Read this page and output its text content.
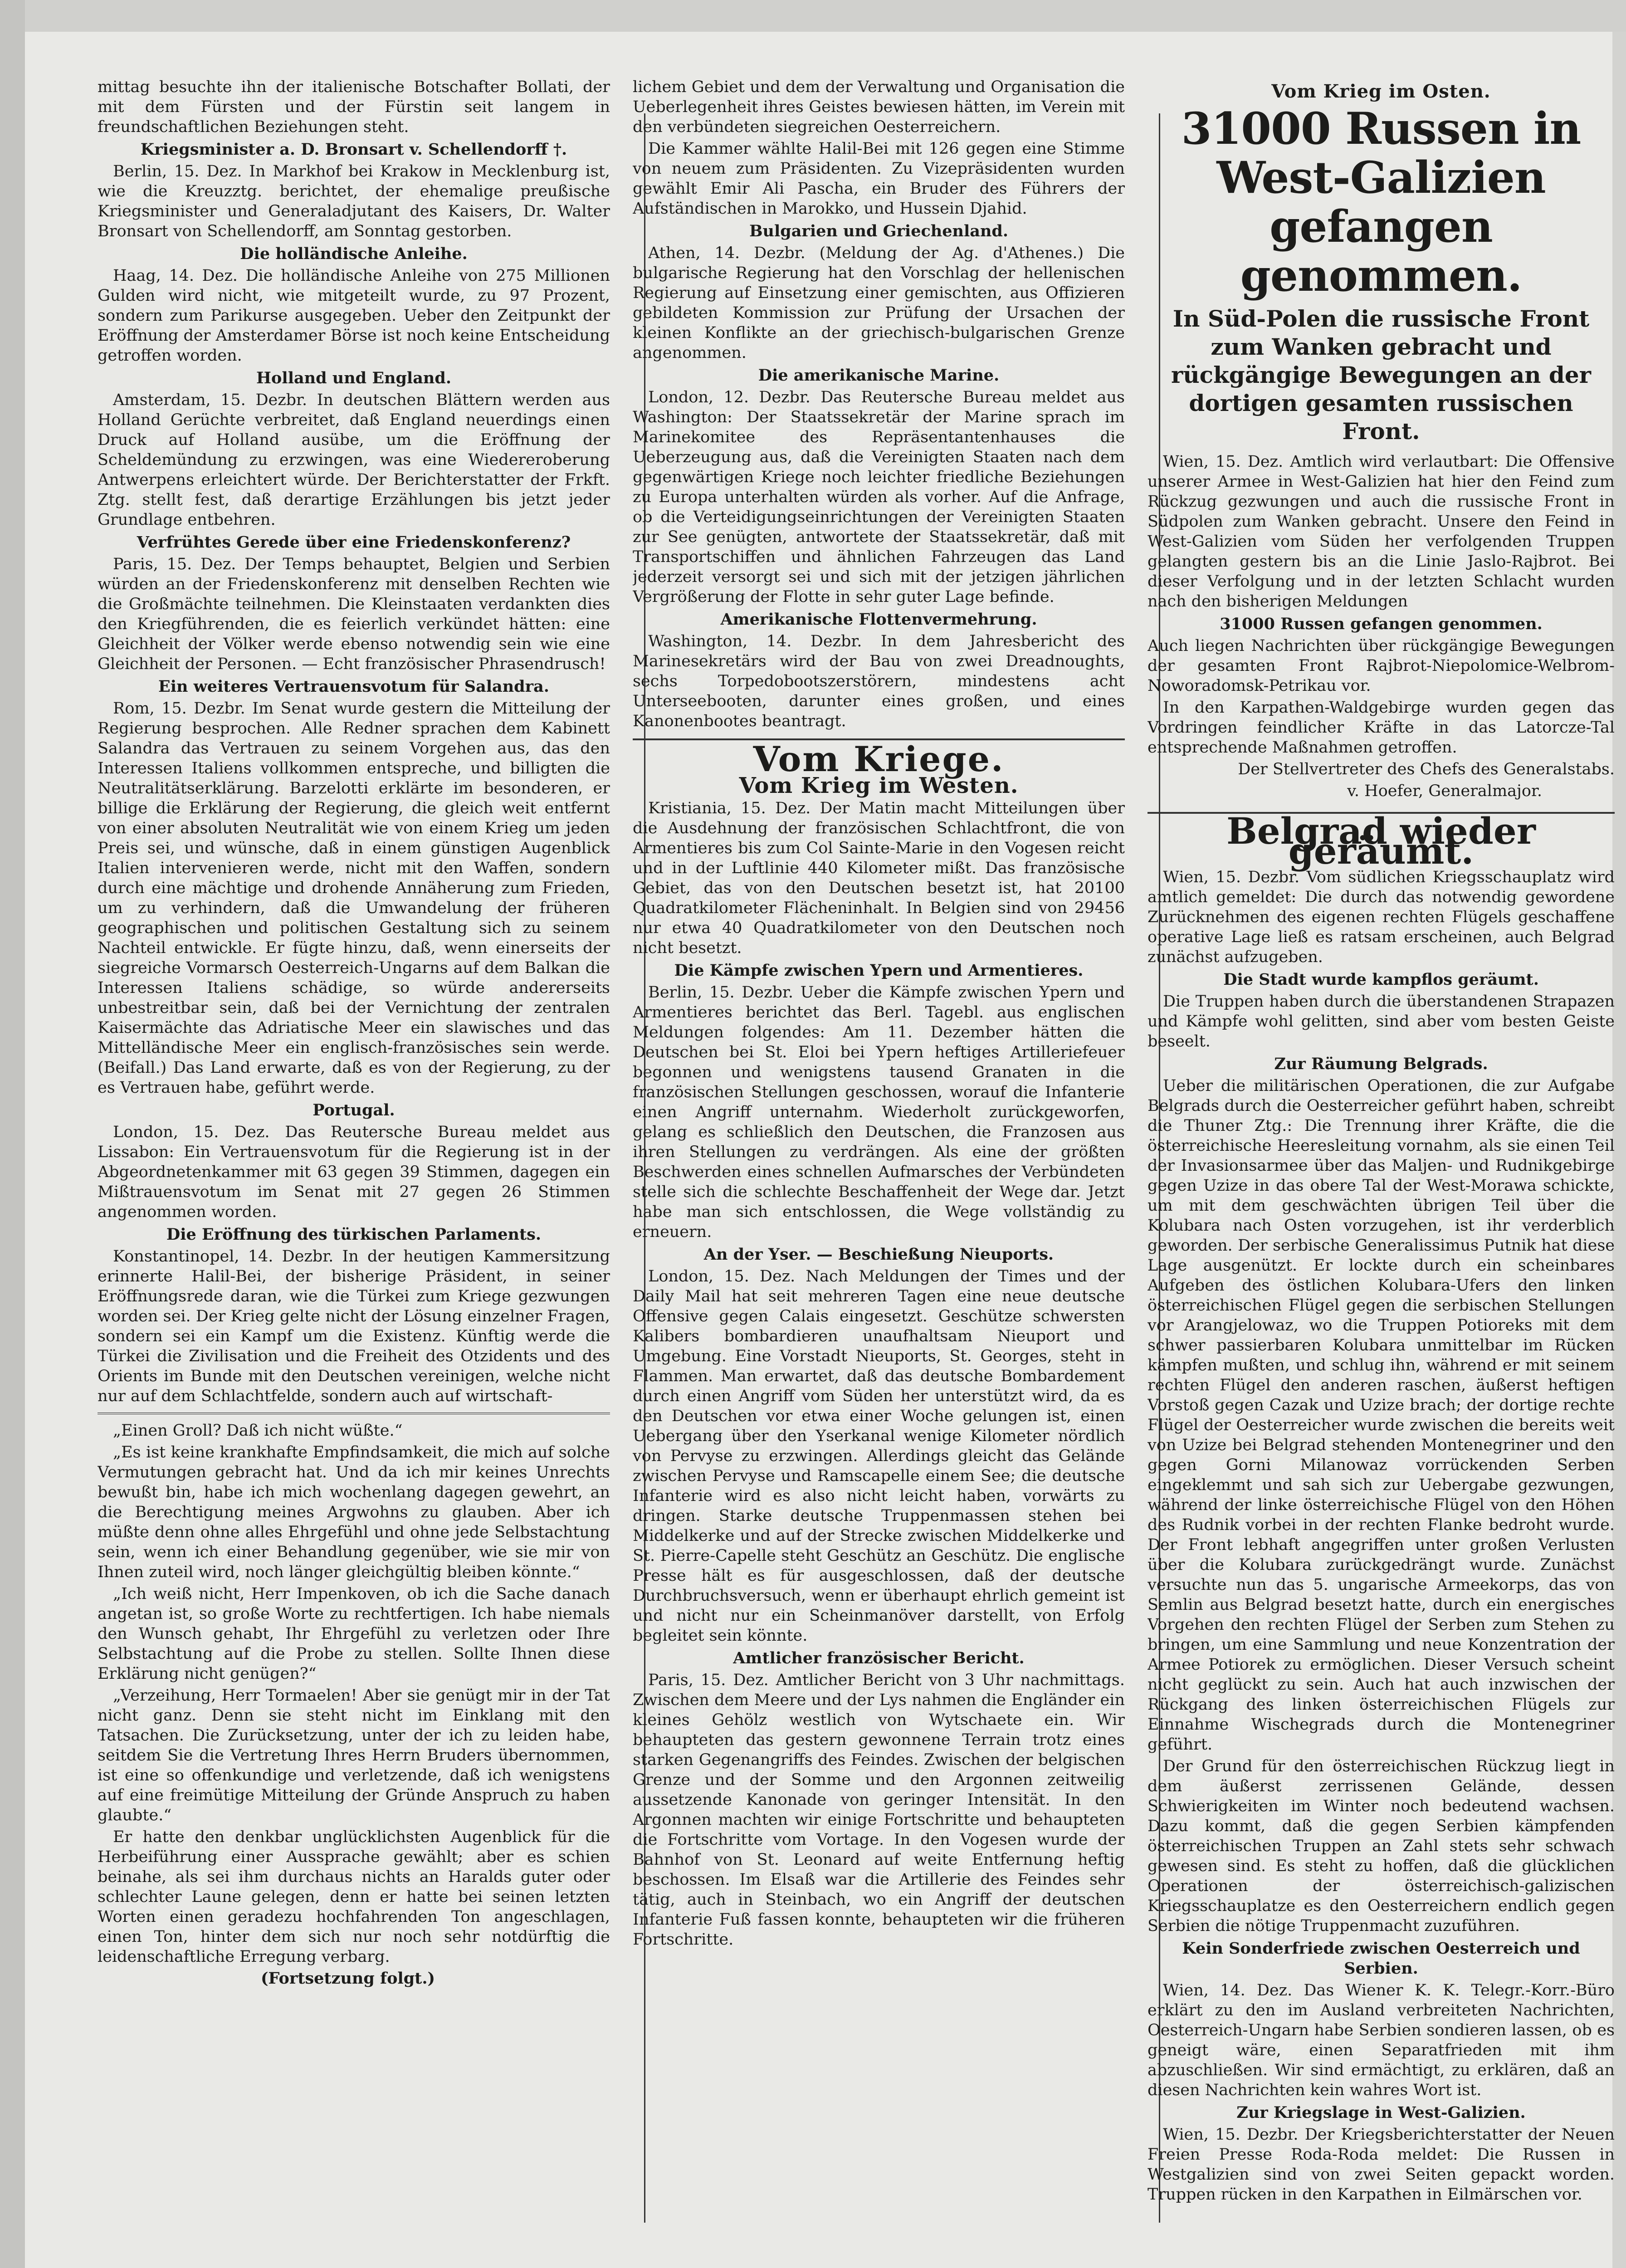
mittag besuchte ihn der italienische Botschafter Bollati, der mit dem Fürsten und der Fürstin seit langem in freundschaftlichen Beziehungen steht.

Kriegsminister a. D. Bronsart v. Schellendorff †.

Berlin, 15. Dez. In Markhof bei Krakow in Mecklenburg ist, wie die Kreuzztg. berichtet, der ehemalige preußische Kriegsminister und Generaladjutant des Kaisers, Dr. Walter Bronsart von Schellendorff, am Sonntag gestorben.

Die holländische Anleihe.

Haag, 14. Dez. Die holländische Anleihe von 275 Millionen Gulden wird nicht, wie mitgeteilt wurde, zu 97 Prozent, sondern zum Parikurse ausgegeben. Ueber den Zeitpunkt der Eröffnung der Amsterdamer Börse ist noch keine Entscheidung getroffen worden.

Holland und England.

Amsterdam, 15. Dezbr. In deutschen Blättern werden aus Holland Gerüchte verbreitet, daß England neuerdings einen Druck auf Holland ausübe, um die Eröffnung der Scheldemündung zu erzwingen, was eine Wiedereroberung Antwerpens erleichtert würde. Der Berichterstatter der Frkft. Ztg. stellt fest, daß derartige Erzählungen bis jetzt jeder Grundlage entbehren.

Verfrühtes Gerede über eine Friedenskonferenz?

Paris, 15. Dez. Der Temps behauptet, Belgien und Serbien würden an der Friedenskonferenz mit denselben Rechten wie die Großmächte teilnehmen. Die Kleinstaaten verdankten dies den Kriegführenden, die es feierlich verkündet hätten: eine Gleichheit der Völker werde ebenso notwendig sein wie eine Gleichheit der Personen. — Echt französischer Phrasendrusch!

Ein weiteres Vertrauensvotum für Salandra.

Rom, 15. Dezbr. Im Senat wurde gestern die Mitteilung der Regierung besprochen. Alle Redner sprachen dem Kabinett Salandra das Vertrauen zu seinem Vorgehen aus, das den Interessen Italiens vollkommen entspreche, und billigten die Neutralitätserklärung. Barzelotti erklärte im besonderen, er billige die Erklärung der Regierung, die gleich weit entfernt von einer absoluten Neutralität wie von einem Krieg um jeden Preis sei, und wünsche, daß in einem günstigen Augenblick Italien intervenieren werde, nicht mit den Waffen, sondern durch eine mächtige und drohende Annäherung zum Frieden, um zu verhindern, daß die Umwandelung der früheren geographischen und politischen Gestaltung sich zu seinem Nachteil entwickle. Er fügte hinzu, daß, wenn einerseits der siegreiche Vormarsch Oesterreich-Ungarns auf dem Balkan die Interessen Italiens schädige, so würde andererseits unbestreitbar sein, daß bei der Vernichtung der zentralen Kaisermächte das Adriatische Meer ein slawisches und das Mittelländische Meer ein englisch-französisches sein werde. (Beifall.) Das Land erwarte, daß es von der Regierung, zu der es Vertrauen habe, geführt werde.

Portugal.

London, 15. Dez. Das Reutersche Bureau meldet aus Lissabon: Ein Vertrauensvotum für die Regierung ist in der Abgeordnetenkammer mit 63 gegen 39 Stimmen, dagegen ein Mißtrauensvotum im Senat mit 27 gegen 26 Stimmen angenommen worden.

Die Eröffnung des türkischen Parlaments.

Konstantinopel, 14. Dezbr. In der heutigen Kammersitzung erinnerte Halil-Bei, der bisherige Präsident, in seiner Eröffnungsrede daran, wie die Türkei zum Kriege gezwungen worden sei. Der Krieg gelte nicht der Lösung einzelner Fragen, sondern sei ein Kampf um die Existenz. Künftig werde die Türkei die Zivilisation und die Freiheit des Otzidents und des Orients im Bunde mit den Deutschen vereinigen, welche nicht nur auf dem Schlachtfelde, sondern auch auf wirtschaft-

„Einen Groll? Daß ich nicht wüßte.“

„Es ist keine krankhafte Empfindsamkeit, die mich auf solche Vermutungen gebracht hat. Und da ich mir keines Unrechts bewußt bin, habe ich mich wochenlang dagegen gewehrt, an die Berechtigung meines Argwohns zu glauben. Aber ich müßte denn ohne alles Ehrgefühl und ohne jede Selbstachtung sein, wenn ich einer Behandlung gegenüber, wie sie mir von Ihnen zuteil wird, noch länger gleichgültig bleiben könnte.“

„Ich weiß nicht, Herr Impenkoven, ob ich die Sache danach angetan ist, so große Worte zu rechtfertigen. Ich habe niemals den Wunsch gehabt, Ihr Ehrgefühl zu verletzen oder Ihre Selbstachtung auf die Probe zu stellen. Sollte Ihnen diese Erklärung nicht genügen?“

„Verzeihung, Herr Tormaelen! Aber sie genügt mir in der Tat nicht ganz. Denn sie steht nicht im Einklang mit den Tatsachen. Die Zurücksetzung, unter der ich zu leiden habe, seitdem Sie die Vertretung Ihres Herrn Bruders übernommen, ist eine so offenkundige und verletzende, daß ich wenigstens auf eine freimütige Mitteilung der Gründe Anspruch zu haben glaubte.“

Er hatte den denkbar unglücklichsten Augenblick für die Herbeiführung einer Aussprache gewählt; aber es schien beinahe, als sei ihm durchaus nichts an Haralds guter oder schlechter Laune gelegen, denn er hatte bei seinen letzten Worten einen geradezu hochfahrenden Ton angeschlagen, einen Ton, hinter dem sich nur noch sehr notdürftig die leidenschaftliche Erregung verbarg.

(Fortsetzung folgt.)

lichem Gebiet und dem der Verwaltung und Organisation die Ueberlegenheit ihres Geistes bewiesen hätten, im Verein mit den verbündeten siegreichen Oesterreichern.

Die Kammer wählte Halil-Bei mit 126 gegen eine Stimme von neuem zum Präsidenten. Zu Vizepräsidenten wurden gewählt Emir Ali Pascha, ein Bruder des Führers der Aufständischen in Marokko, und Hussein Djahid.

Bulgarien und Griechenland.

Athen, 14. Dezbr. (Meldung der Ag. d'Athenes.) Die bulgarische Regierung hat den Vorschlag der hellenischen Regierung auf Einsetzung einer gemischten, aus Offizieren gebildeten Kommission zur Prüfung der Ursachen der kleinen Konflikte an der griechisch-bulgarischen Grenze angenommen.

Die amerikanische Marine.

London, 12. Dezbr. Das Reutersche Bureau meldet aus Washington: Der Staatssekretär der Marine sprach im Marinekomitee des Repräsentantenhauses die Ueberzeugung aus, daß die Vereinigten Staaten nach dem gegenwärtigen Kriege noch leichter friedliche Beziehungen zu Europa unterhalten würden als vorher. Auf die Anfrage, ob die Verteidigungseinrichtungen der Vereinigten Staaten zur See genügten, antwortete der Staatssekretär, daß mit Transportschiffen und ähnlichen Fahrzeugen das Land jederzeit versorgt sei und sich mit der jetzigen jährlichen Vergrößerung der Flotte in sehr guter Lage befinde.

Amerikanische Flottenvermehrung.

Washington, 14. Dezbr. In dem Jahresbericht des Marinesekretärs wird der Bau von zwei Dreadnoughts, sechs Torpedobootszerstörern, mindestens acht Unterseebooten, darunter eines großen, und eines Kanonenbootes beantragt.

Vom Kriege.
Vom Krieg im Westen.

Kristiania, 15. Dez. Der Matin macht Mitteilungen über die Ausdehnung der französischen Schlachtfront, die von Armentieres bis zum Col Sainte-Marie in den Vogesen reicht und in der Luftlinie 440 Kilometer mißt. Das französische Gebiet, das von den Deutschen besetzt ist, hat 20100 Quadratkilometer Flächeninhalt. In Belgien sind von 29456 nur etwa 40 Quadratkilometer von den Deutschen noch nicht besetzt.

Die Kämpfe zwischen Ypern und Armentieres.

Berlin, 15. Dezbr. Ueber die Kämpfe zwischen Ypern und Armentieres berichtet das Berl. Tagebl. aus englischen Meldungen folgendes: Am 11. Dezember hätten die Deutschen bei St. Eloi bei Ypern heftiges Artilleriefeuer begonnen und wenigstens tausend Granaten in die französischen Stellungen geschossen, worauf die Infanterie einen Angriff unternahm. Wiederholt zurückgeworfen, gelang es schließlich den Deutschen, die Franzosen aus ihren Stellungen zu verdrängen. Als eine der größten Beschwerden eines schnellen Aufmarsches der Verbündeten stelle sich die schlechte Beschaffenheit der Wege dar. Jetzt habe man sich entschlossen, die Wege vollständig zu erneuern.

An der Yser. — Beschießung Nieuports.

London, 15. Dez. Nach Meldungen der Times und der Daily Mail hat seit mehreren Tagen eine neue deutsche Offensive gegen Calais eingesetzt. Geschütze schwersten Kalibers bombardieren unaufhaltsam Nieuport und Umgebung. Eine Vorstadt Nieuports, St. Georges, steht in Flammen. Man erwartet, daß das deutsche Bombardement durch einen Angriff vom Süden her unterstützt wird, da es den Deutschen vor etwa einer Woche gelungen ist, einen Uebergang über den Yserkanal wenige Kilometer nördlich von Pervyse zu erzwingen. Allerdings gleicht das Gelände zwischen Pervyse und Ramscapelle einem See; die deutsche Infanterie wird es also nicht leicht haben, vorwärts zu dringen. Starke deutsche Truppenmassen stehen bei Middelkerke und auf der Strecke zwischen Middelkerke und St. Pierre-Capelle steht Geschütz an Geschütz. Die englische Presse hält es für ausgeschlossen, daß der deutsche Durchbruchsversuch, wenn er überhaupt ehrlich gemeint ist und nicht nur ein Scheinmanöver darstellt, von Erfolg begleitet sein könnte.

Amtlicher französischer Bericht.

Paris, 15. Dez. Amtlicher Bericht von 3 Uhr nachmittags. Zwischen dem Meere und der Lys nahmen die Engländer ein kleines Gehölz westlich von Wytschaete ein. Wir behaupteten das gestern gewonnene Terrain trotz eines starken Gegenangriffs des Feindes. Zwischen der belgischen Grenze und der Somme und den Argonnen zeitweilig aussetzende Kanonade von geringer Intensität. In den Argonnen machten wir einige Fortschritte und behaupteten die Fortschritte vom Vortage. In den Vogesen wurde der Bahnhof von St. Leonard auf weite Entfernung heftig beschossen. Im Elsaß war die Artillerie des Feindes sehr tätig, auch in Steinbach, wo ein Angriff der deutschen Infanterie Fuß fassen konnte, behaupteten wir die früheren Fortschritte.

Vom Krieg im Osten.
31000 Russen in West-Galizien gefangen genommen.
In Süd-Polen die russische Front zum Wanken gebracht und rückgängige Bewegungen an der dortigen gesamten russischen Front.

Wien, 15. Dez. Amtlich wird verlautbart: Die Offensive unserer Armee in West-Galizien hat hier den Feind zum Rückzug gezwungen und auch die russische Front in Südpolen zum Wanken gebracht. Unsere den Feind in West-Galizien vom Süden her verfolgenden Truppen gelangten gestern bis an die Linie Jaslo-Rajbrot. Bei dieser Verfolgung und in der letzten Schlacht wurden nach den bisherigen Meldungen

31000 Russen gefangen genommen.

Auch liegen Nachrichten über rückgängige Bewegungen der gesamten Front Rajbrot-Niepolomice-Welbrom-Noworadomsk-Petrikau vor.

In den Karpathen-Waldgebirge wurden gegen das Vordringen feindlicher Kräfte in das Latorcze-Tal entsprechende Maßnahmen getroffen.

Der Stellvertreter des Chefs des Generalstabs.

v. Hoefer, Generalmajor.

Belgrad wieder geräumt.

Wien, 15. Dezbr. Vom südlichen Kriegsschauplatz wird amtlich gemeldet: Die durch das notwendig gewordene Zurücknehmen des eigenen rechten Flügels geschaffene operative Lage ließ es ratsam erscheinen, auch Belgrad zunächst aufzugeben.

Die Stadt wurde kampflos geräumt.

Die Truppen haben durch die überstandenen Strapazen und Kämpfe wohl gelitten, sind aber vom besten Geiste beseelt.

Zur Räumung Belgrads.

Ueber die militärischen Operationen, die zur Aufgabe Belgrads durch die Oesterreicher geführt haben, schreibt die Thuner Ztg.: Die Trennung ihrer Kräfte, die die österreichische Heeresleitung vornahm, als sie einen Teil der Invasionsarmee über das Maljen- und Rudnikgebirge gegen Uzize in das obere Tal der West-Morawa schickte, um mit dem geschwächten übrigen Teil über die Kolubara nach Osten vorzugehen, ist ihr verderblich geworden. Der serbische Generalissimus Putnik hat diese Lage ausgenützt. Er lockte durch ein scheinbares Aufgeben des östlichen Kolubara-Ufers den linken österreichischen Flügel gegen die serbischen Stellungen vor Arangjelowaz, wo die Truppen Potioreks mit dem schwer passierbaren Kolubara unmittelbar im Rücken kämpfen mußten, und schlug ihn, während er mit seinem rechten Flügel den anderen raschen, äußerst heftigen Vorstoß gegen Cazak und Uzize brach; der dortige rechte Flügel der Oesterreicher wurde zwischen die bereits weit von Uzize bei Belgrad stehenden Montenegriner und den gegen Gorni Milanowaz vorrückenden Serben eingeklemmt und sah sich zur Uebergabe gezwungen, während der linke österreichische Flügel von den Höhen des Rudnik vorbei in der rechten Flanke bedroht wurde. Der Front lebhaft angegriffen unter großen Verlusten über die Kolubara zurückgedrängt wurde. Zunächst versuchte nun das 5. ungarische Armeekorps, das von Semlin aus Belgrad besetzt hatte, durch ein energisches Vorgehen den rechten Flügel der Serben zum Stehen zu bringen, um eine Sammlung und neue Konzentration der Armee Potiorek zu ermöglichen. Dieser Versuch scheint nicht geglückt zu sein. Auch hat auch inzwischen der Rückgang des linken österreichischen Flügels zur Einnahme Wischegrads durch die Montenegriner geführt.

Der Grund für den österreichischen Rückzug liegt in dem äußerst zerrissenen Gelände, dessen Schwierigkeiten im Winter noch bedeutend wachsen. Dazu kommt, daß die gegen Serbien kämpfenden österreichischen Truppen an Zahl stets sehr schwach gewesen sind. Es steht zu hoffen, daß die glücklichen Operationen der österreichisch-galizischen Kriegsschauplatze es den Oesterreichern endlich gegen Serbien die nötige Truppenmacht zuzuführen.

Kein Sonderfriede zwischen Oesterreich und Serbien.

Wien, 14. Dez. Das Wiener K. K. Telegr.-Korr.-Büro erklärt zu den im Ausland verbreiteten Nachrichten, Oesterreich-Ungarn habe Serbien sondieren lassen, ob es geneigt wäre, einen Separatfrieden mit ihm abzuschließen. Wir sind ermächtigt, zu erklären, daß an diesen Nachrichten kein wahres Wort ist.

Zur Kriegslage in West-Galizien.

Wien, 15. Dezbr. Der Kriegsberichterstatter der Neuen Freien Presse Roda-Roda meldet: Die Russen in Westgalizien sind von zwei Seiten gepackt worden. Truppen rücken in den Karpathen in Eilmärschen vor.
